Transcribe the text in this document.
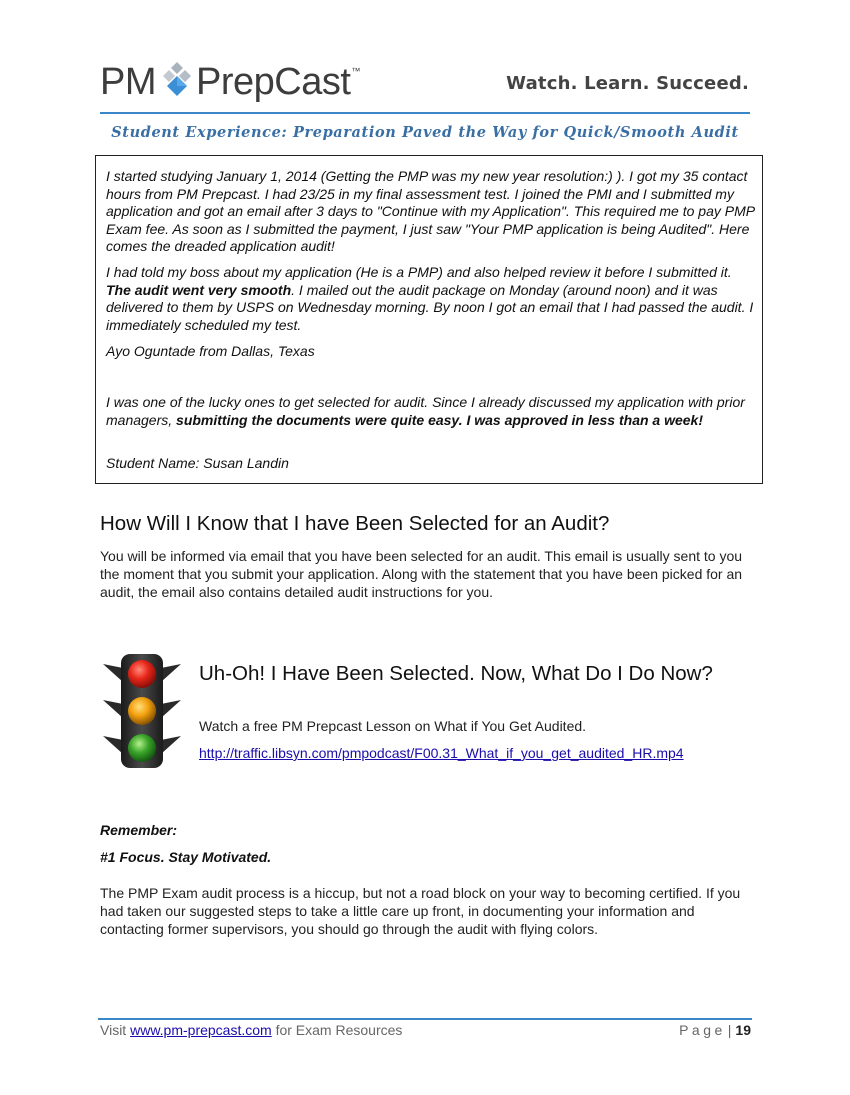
PM PrepCast ™
Watch. Learn. Succeed.
Student Experience: Preparation Paved the Way for Quick/Smooth Audit

I started studying January 1, 2014 (Getting the PMP was my new year resolution:) ). I got my 35 contact hours from PM Prepcast. I had 23/25 in my final assessment test. I joined the PMI and I submitted my application and got an email after 3 days to "Continue with my Application". This required me to pay PMP Exam fee. As soon as I submitted the payment, I just saw "Your PMP application is being Audited". Here comes the dreaded application audit!

I had told my boss about my application (He is a PMP) and also helped review it before I submitted it. The audit went very smooth. I mailed out the audit package on Monday (around noon) and it was delivered to them by USPS on Wednesday morning. By noon I got an email that I had passed the audit. I immediately scheduled my test.

Ayo Oguntade from Dallas, Texas

I was one of the lucky ones to get selected for audit. Since I already discussed my application with prior managers, submitting the documents were quite easy. I was approved in less than a week!

Student Name: Susan Landin

How Will I Know that I have Been Selected for an Audit?
You will be informed via email that you have been selected for an audit. This email is usually sent to you the moment that you submit your application. Along with the statement that you have been picked for an audit, the email also contains detailed audit instructions for you.
Uh-Oh! I Have Been Selected. Now, What Do I Do Now?
Watch a free PM Prepcast Lesson on What if You Get Audited.
http://traffic.libsyn.com/pmpodcast/F00.31_What_if_you_get_audited_HR.mp4
Remember:
#1 Focus. Stay Motivated.
The PMP Exam audit process is a hiccup, but not a road block on your way to becoming certified. If you had taken our suggested steps to take a little care up front, in documenting your information and contacting former supervisors, you should go through the audit with flying colors.
Visit www.pm-prepcast.com for Exam Resources	Page | 19
